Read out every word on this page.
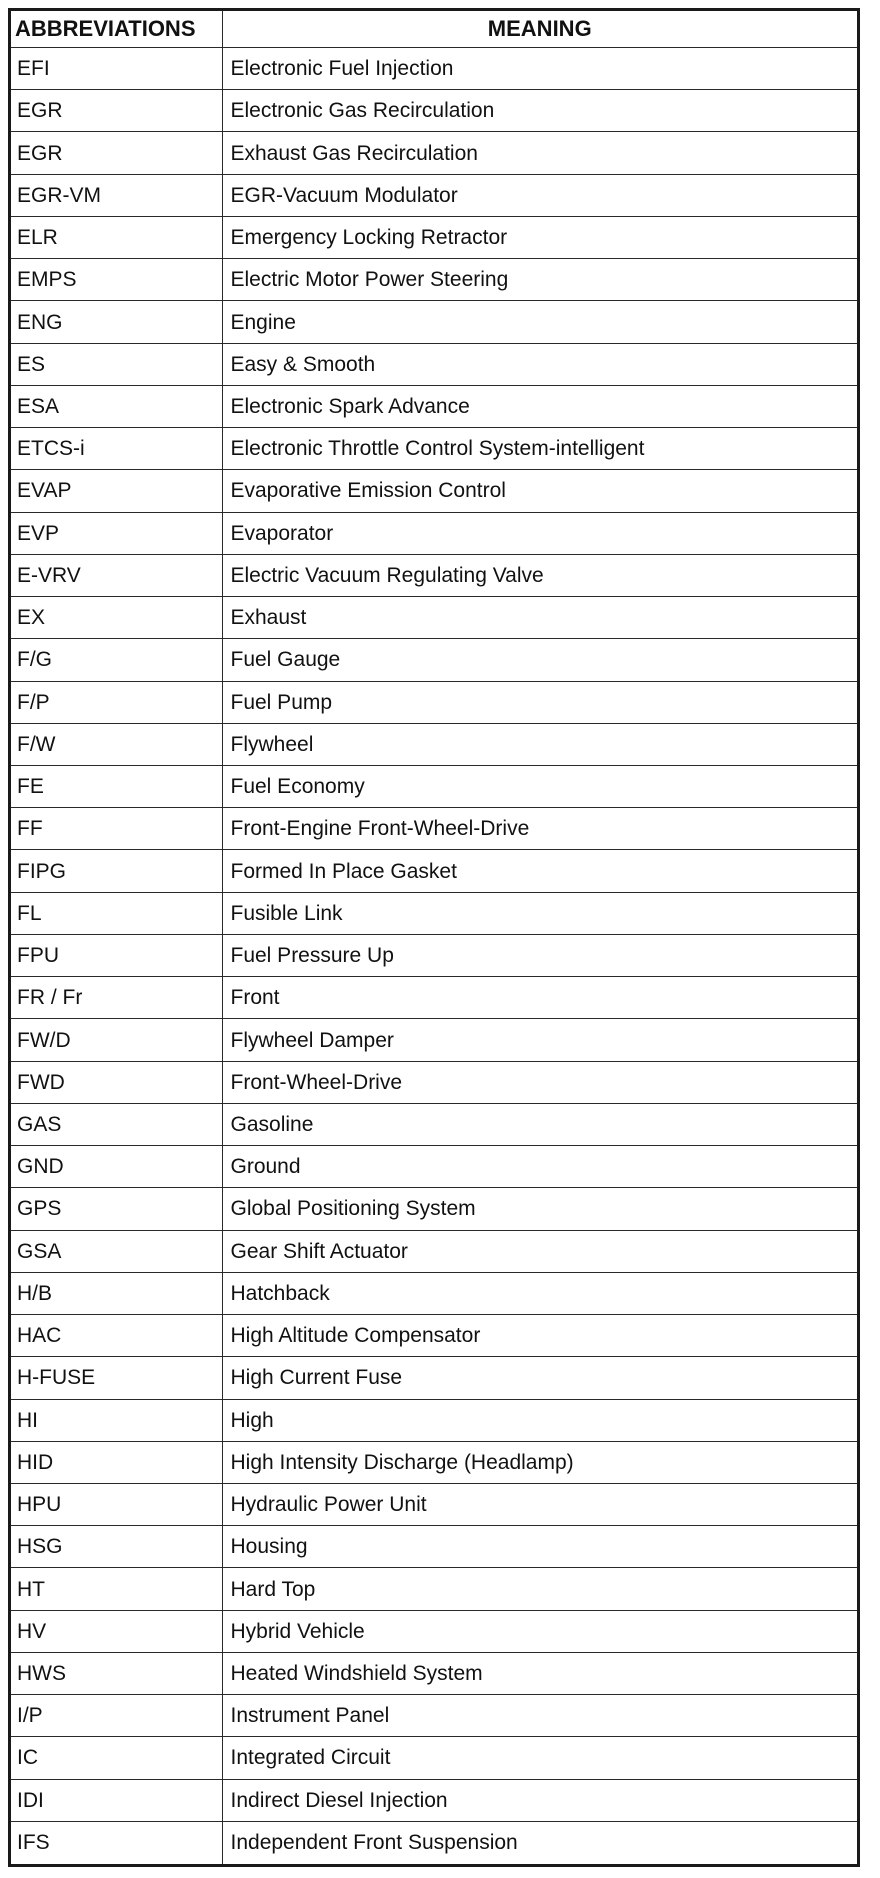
ABBREVIATIONS	MEANING
EFI	Electronic Fuel Injection
EGR	Electronic Gas Recirculation
EGR	Exhaust Gas Recirculation
EGR-VM	EGR-Vacuum Modulator
ELR	Emergency Locking Retractor
EMPS	Electric Motor Power Steering
ENG	Engine
ES	Easy & Smooth
ESA	Electronic Spark Advance
ETCS-i	Electronic Throttle Control System-intelligent
EVAP	Evaporative Emission Control
EVP	Evaporator
E-VRV	Electric Vacuum Regulating Valve
EX	Exhaust
F/G	Fuel Gauge
F/P	Fuel Pump
F/W	Flywheel
FE	Fuel Economy
FF	Front-Engine Front-Wheel-Drive
FIPG	Formed In Place Gasket
FL	Fusible Link
FPU	Fuel Pressure Up
FR / Fr	Front
FW/D	Flywheel Damper
FWD	Front-Wheel-Drive
GAS	Gasoline
GND	Ground
GPS	Global Positioning System
GSA	Gear Shift Actuator
H/B	Hatchback
HAC	High Altitude Compensator
H-FUSE	High Current Fuse
HI	High
HID	High Intensity Discharge (Headlamp)
HPU	Hydraulic Power Unit
HSG	Housing
HT	Hard Top
HV	Hybrid Vehicle
HWS	Heated Windshield System
I/P	Instrument Panel
IC	Integrated Circuit
IDI	Indirect Diesel Injection
IFS	Independent Front Suspension
